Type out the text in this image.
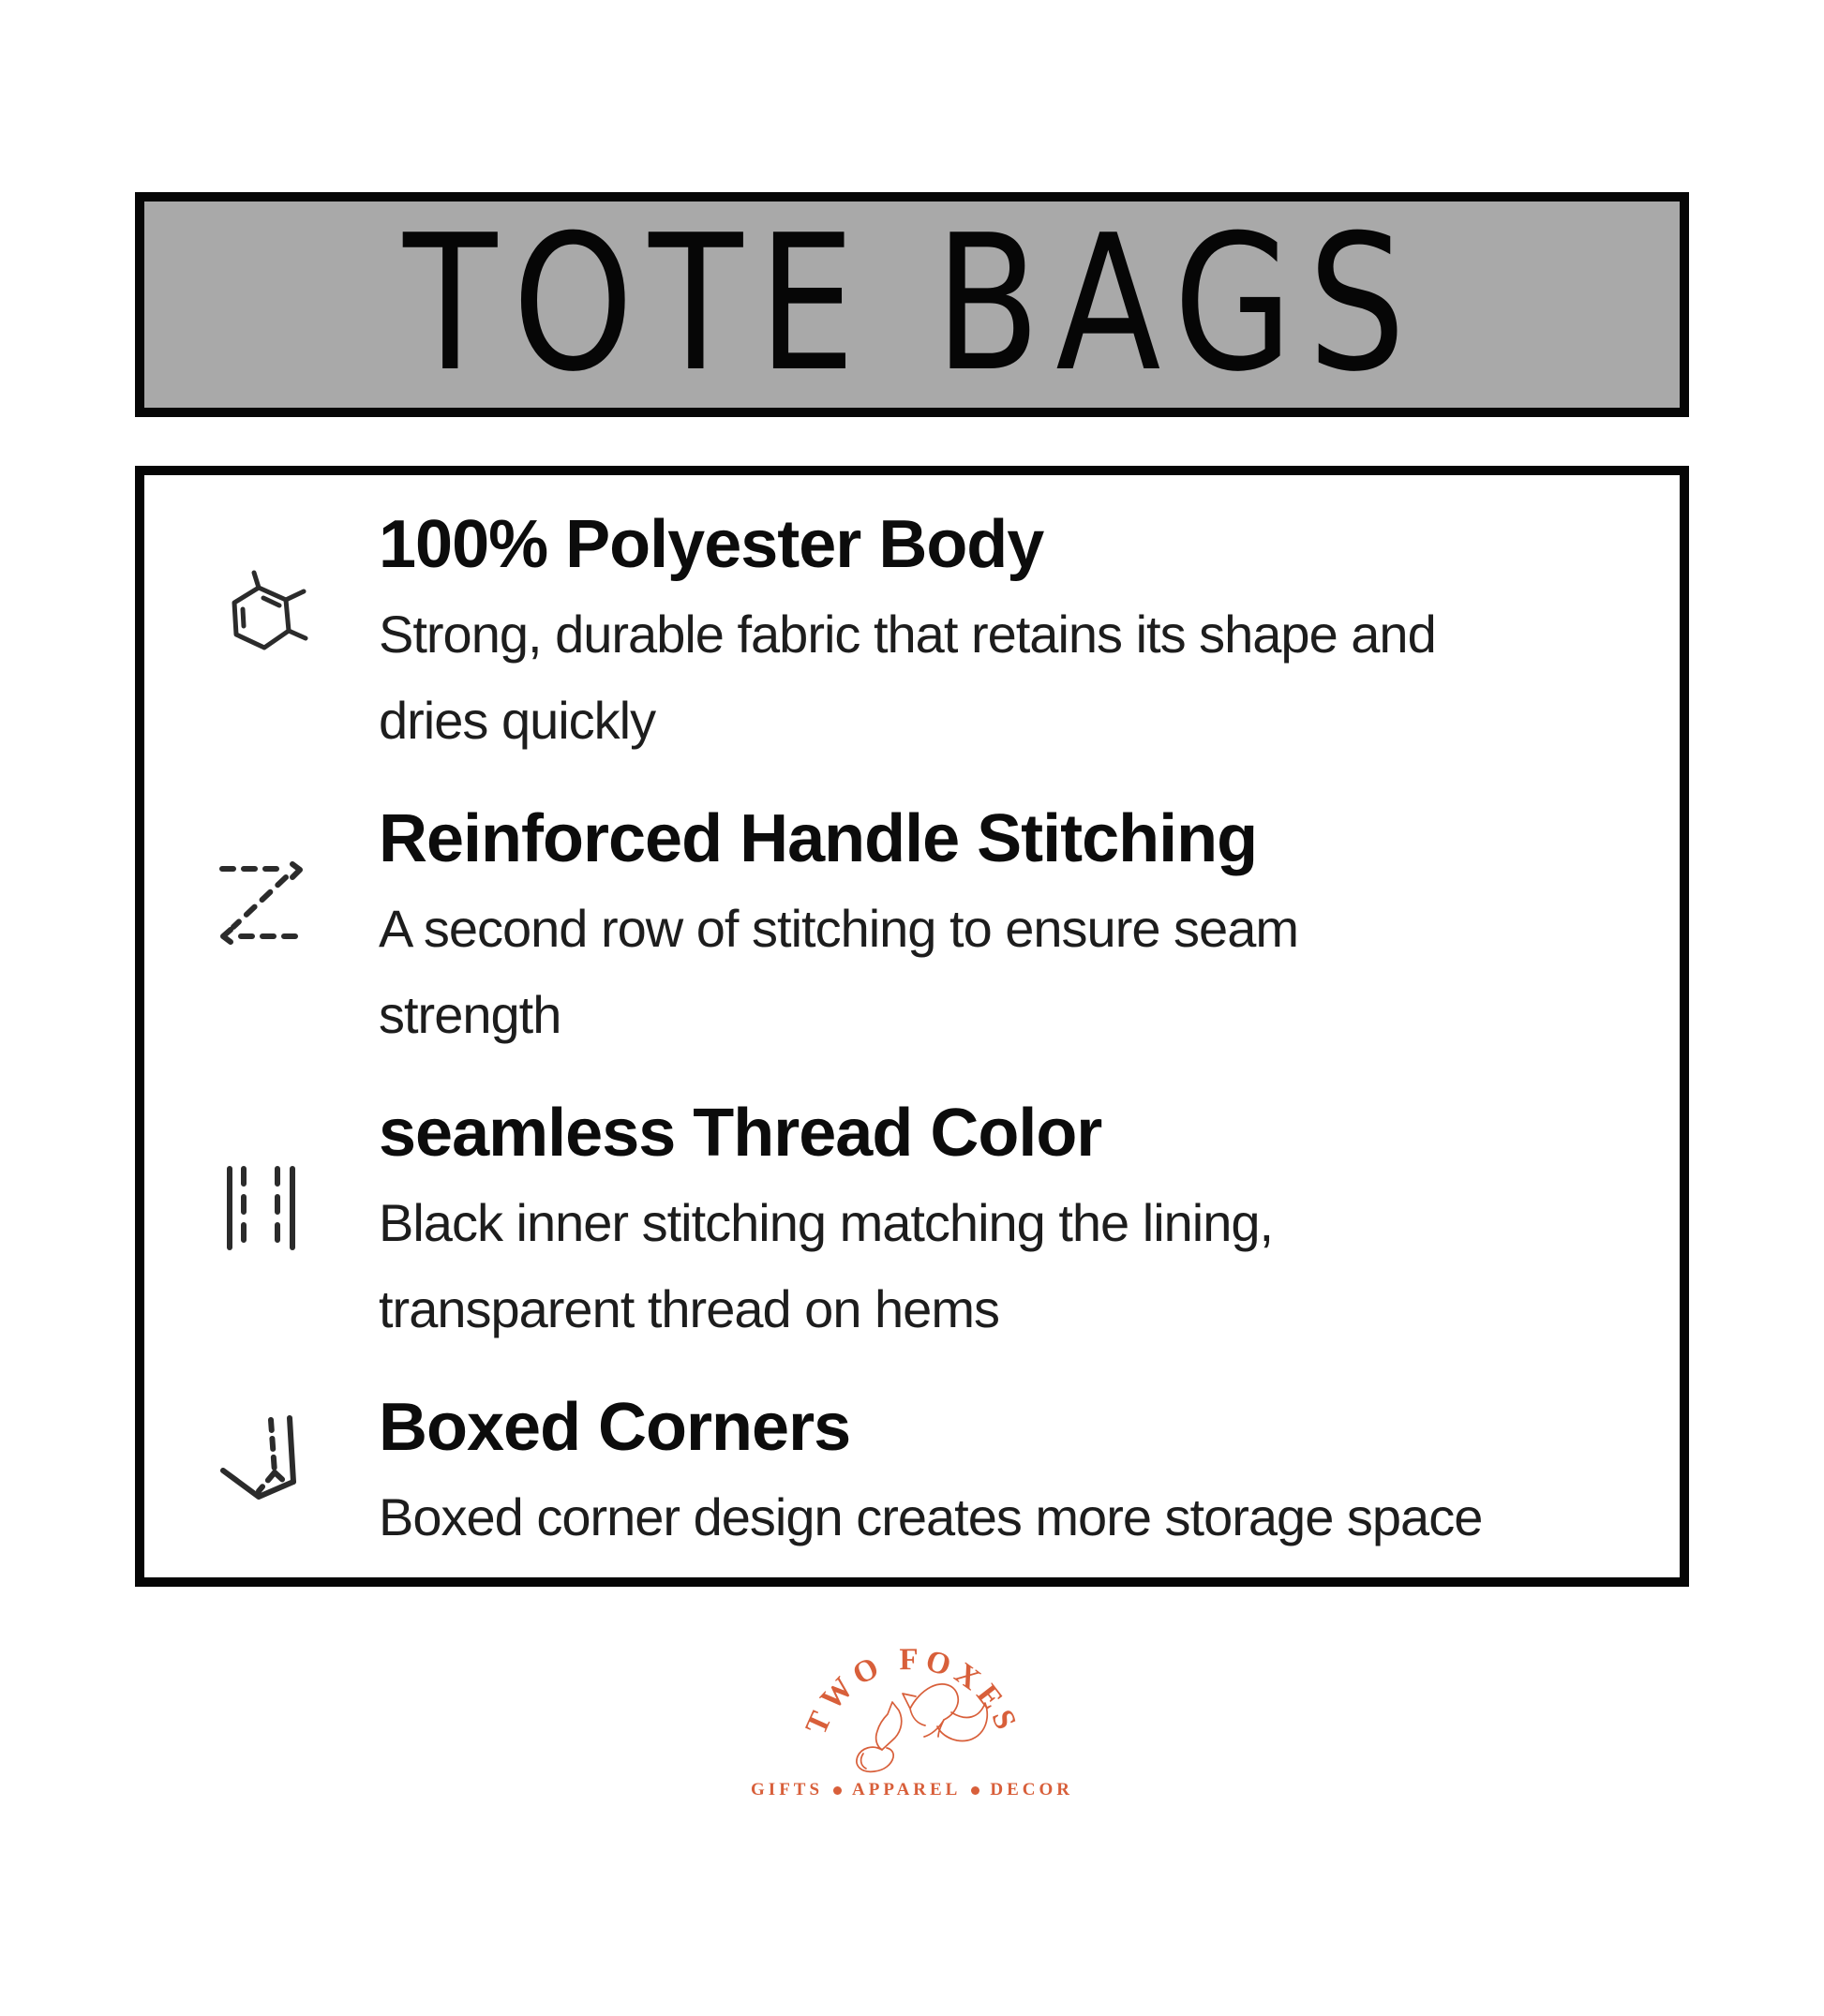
TOTE BAGS
100% Polyester Body
Strong, durable fabric that retains its shape and
dries quickly
Reinforced Handle Stitching
A second row of stitching to ensure seam
strength
seamless Thread Color
Black inner stitching matching the lining,
transparent thread on hems
Boxed Corners
Boxed corner design creates more storage space
TWO FOXES
GIFTS APPAREL DECOR
